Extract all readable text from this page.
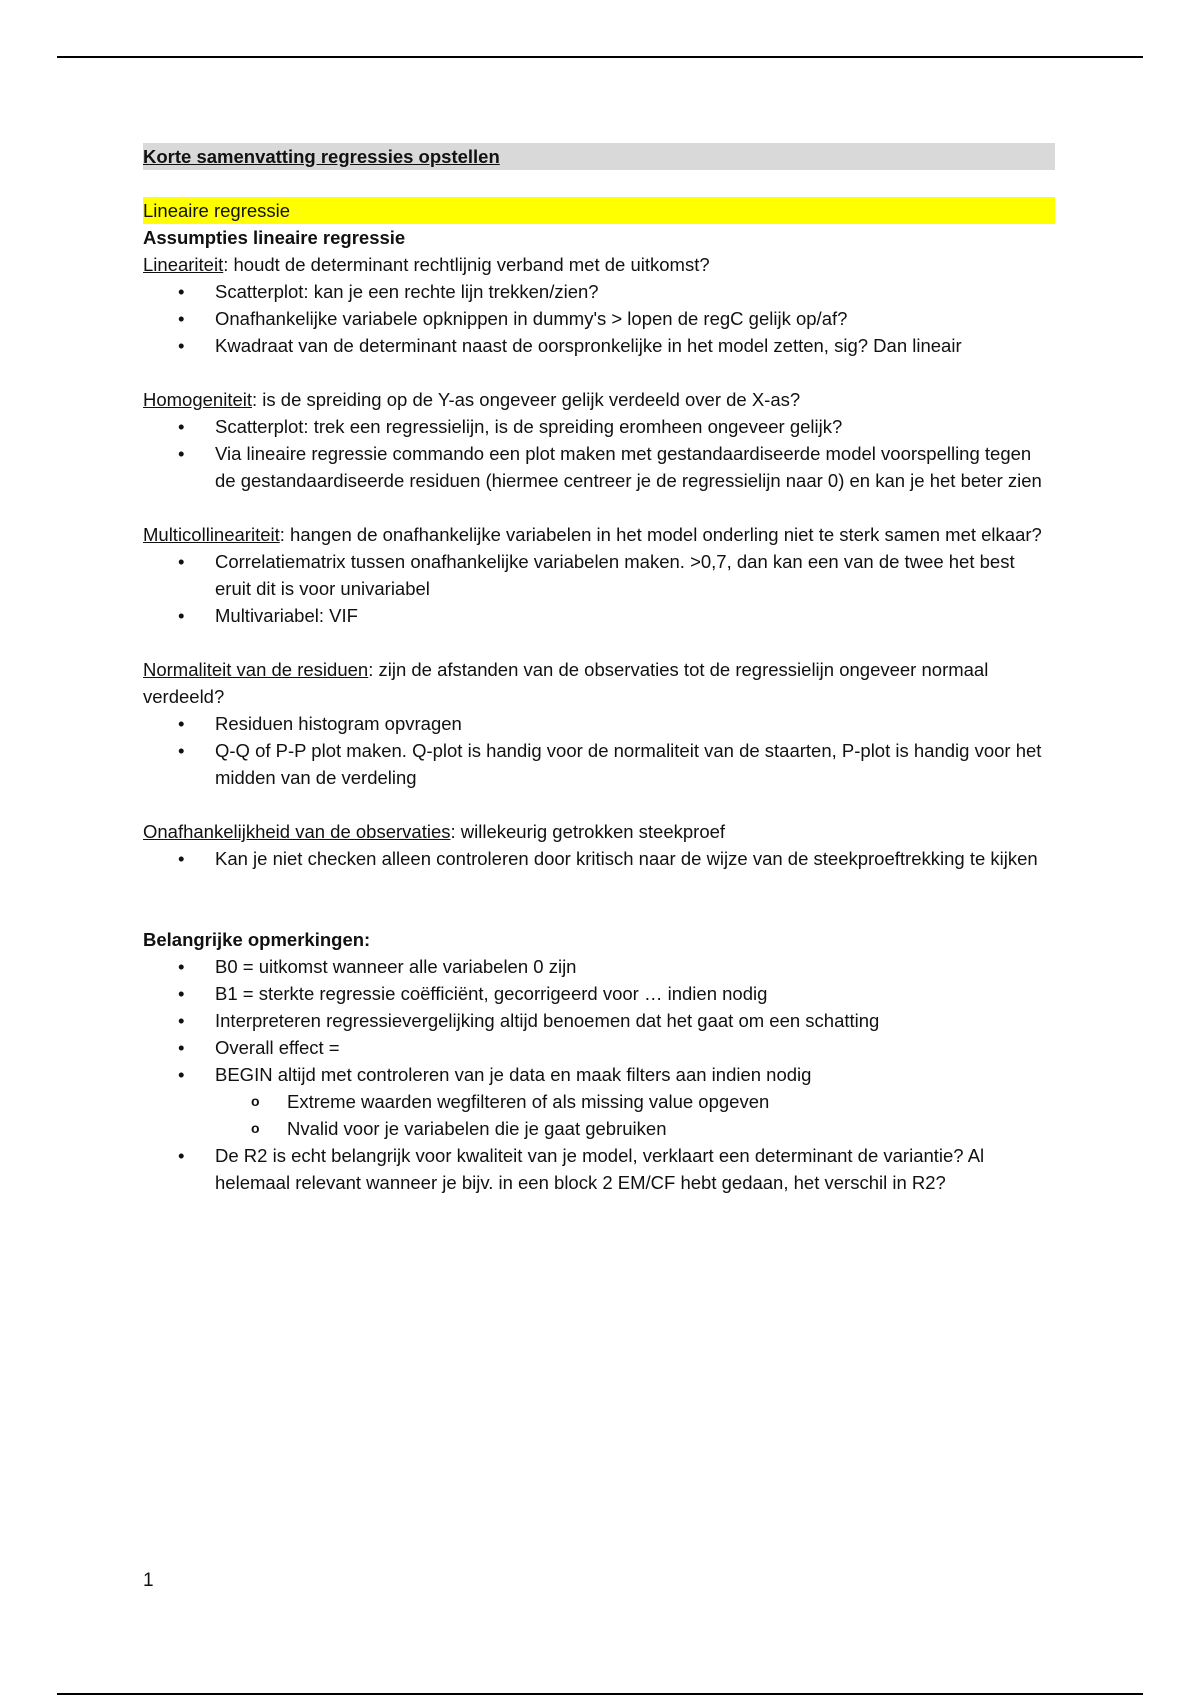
Korte samenvatting regressies opstellen
Lineaire regressie

Assumpties lineaire regressie

Lineariteit: houdt de determinant rechtlijnig verband met de uitkomst?

• Scatterplot: kan je een rechte lijn trekken/zien?
• Onafhankelijke variabele opknippen in dummy's > lopen de regC gelijk op/af?
• Kwadraat van de determinant naast de oorspronkelijke in het model zetten, sig? Dan lineair

Homogeniteit: is de spreiding op de Y-as ongeveer gelijk verdeeld over de X-as?

• Scatterplot: trek een regressielijn, is de spreiding eromheen ongeveer gelijk?
• Via lineaire regressie commando een plot maken met gestandaardiseerde model voorspelling tegen de gestandaardiseerde residuen (hiermee centreer je de regressielijn naar 0) en kan je het beter zien

Multicollineariteit: hangen de onafhankelijke variabelen in het model onderling niet te sterk samen met elkaar?

• Correlatiematrix tussen onafhankelijke variabelen maken. >0,7, dan kan een van de twee het best eruit dit is voor univariabel
• Multivariabel: VIF

Normaliteit van de residuen: zijn de afstanden van de observaties tot de regressielijn ongeveer normaal verdeeld?

• Residuen histogram opvragen
• Q-Q of P-P plot maken. Q-plot is handig voor de normaliteit van de staarten, P-plot is handig voor het midden van de verdeling

Onafhankelijkheid van de observaties: willekeurig getrokken steekproef

• Kan je niet checken alleen controleren door kritisch naar de wijze van de steekproeftrekking te kijken

Belangrijke opmerkingen:

• B0 = uitkomst wanneer alle variabelen 0 zijn
• B1 = sterkte regressie coëfficiënt, gecorrigeerd voor … indien nodig
• Interpreteren regressievergelijking altijd benoemen dat het gaat om een schatting
• Overall effect =
• BEGIN altijd met controleren van je data en maak filters aan indien nodig
o Extreme waarden wegfilteren of als missing value opgeven
o Nvalid voor je variabelen die je gaat gebruiken
• De R2 is echt belangrijk voor kwaliteit van je model, verklaart een determinant de variantie? Al helemaal relevant wanneer je bijv. in een block 2 EM/CF hebt gedaan, het verschil in R2?
1
